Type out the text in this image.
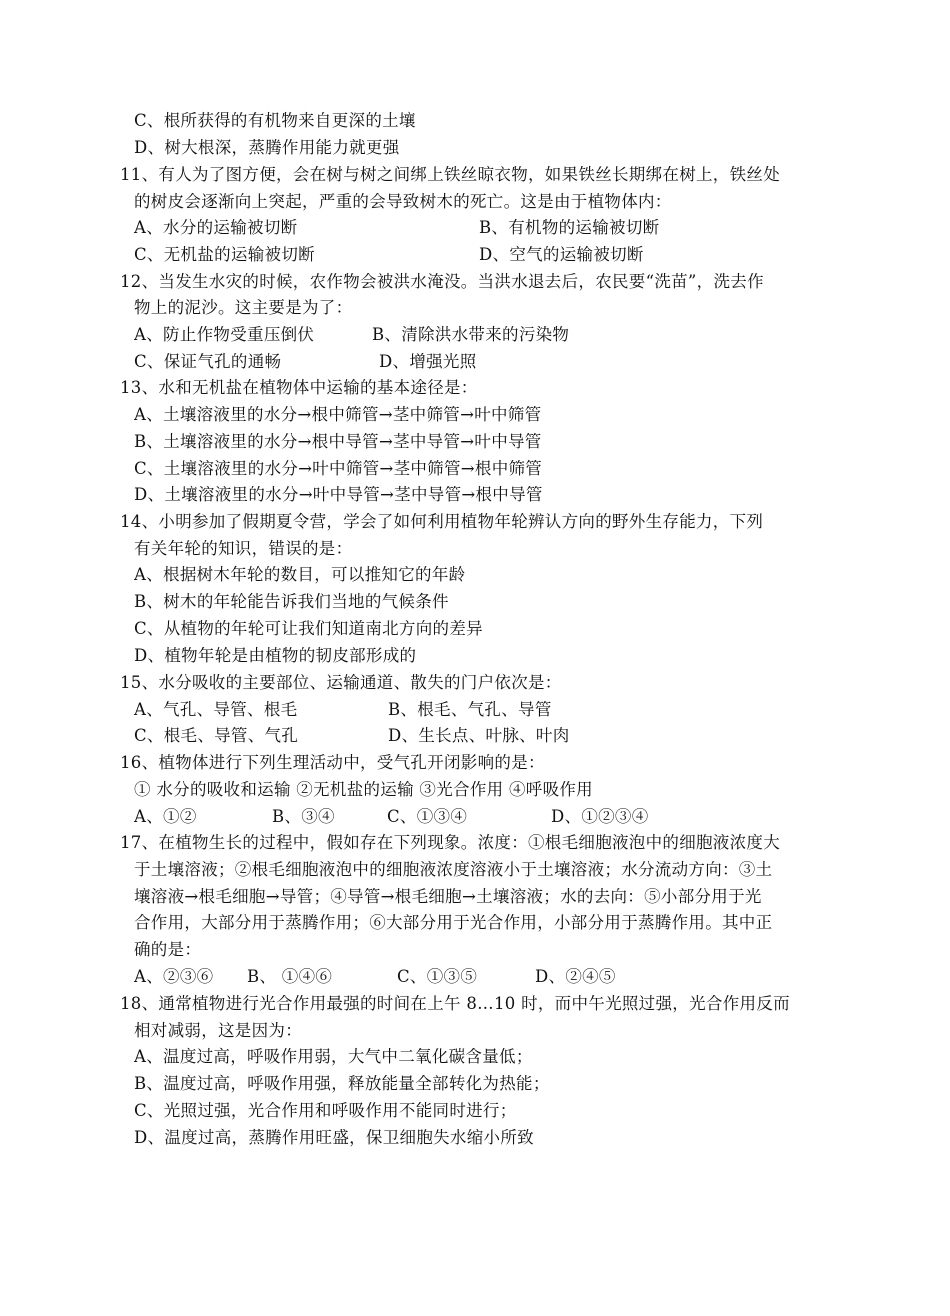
C、根所获得的有机物来自更深的土壤
D、树大根深，蒸腾作用能力就更强
11、有人为了图方便，会在树与树之间绑上铁丝晾衣物，如果铁丝长期绑在树上，铁丝处
的树皮会逐渐向上突起，严重的会导致树木的死亡。这是由于植物体内：
A、水分的运输被切断	B、有机物的运输被切断
C、无机盐的运输被切断	D、空气的运输被切断
12、当发生水灾的时候，农作物会被洪水淹没。当洪水退去后，农民要“洗苗”，洗去作
物上的泥沙。这主要是为了：
A、防止作物受重压倒伏	B、清除洪水带来的污染物
C、保证气孔的通畅	D、增强光照
13、水和无机盐在植物体中运输的基本途径是：
A、土壤溶液里的水分→根中筛管→茎中筛管→叶中筛管
B、土壤溶液里的水分→根中导管→茎中导管→叶中导管
C、土壤溶液里的水分→叶中筛管→茎中筛管→根中筛管
D、土壤溶液里的水分→叶中导管→茎中导管→根中导管
14、小明参加了假期夏令营，学会了如何利用植物年轮辨认方向的野外生存能力，下列
有关年轮的知识，错误的是：
A、根据树木年轮的数目，可以推知它的年龄
B、树木的年轮能告诉我们当地的气候条件
C、从植物的年轮可让我们知道南北方向的差异
D、植物年轮是由植物的韧皮部形成的
15、水分吸收的主要部位、运输通道、散失的门户依次是：
A、气孔、导管、根毛	B、根毛、气孔、导管
C、根毛、导管、气孔	D、生长点、叶脉、叶肉
16、植物体进行下列生理活动中，受气孔开闭影响的是：
① 水分的吸收和运输 ②无机盐的运输 ③光合作用 ④呼吸作用
A、①②	B、③④	C、①③④	D、①②③④
17、在植物生长的过程中，假如存在下列现象。浓度：①根毛细胞液泡中的细胞液浓度大
于土壤溶液；②根毛细胞液泡中的细胞液浓度溶液小于土壤溶液；水分流动方向：③土
壤溶液→根毛细胞→导管；④导管→根毛细胞→土壤溶液；水的去向：⑤小部分用于光
合作用，大部分用于蒸腾作用；⑥大部分用于光合作用，小部分用于蒸腾作用。其中正
确的是：
A、②③⑥ B、 ①④⑥	C、①③⑤	D、②④⑤
18、通常植物进行光合作用最强的时间在上午 8…10 时，而中午光照过强，光合作用反而
相对减弱，这是因为：
A、温度过高，呼吸作用弱，大气中二氧化碳含量低；
B、温度过高，呼吸作用强，释放能量全部转化为热能；
C、光照过强，光合作用和呼吸作用不能同时进行；
D、温度过高，蒸腾作用旺盛，保卫细胞失水缩小所致
